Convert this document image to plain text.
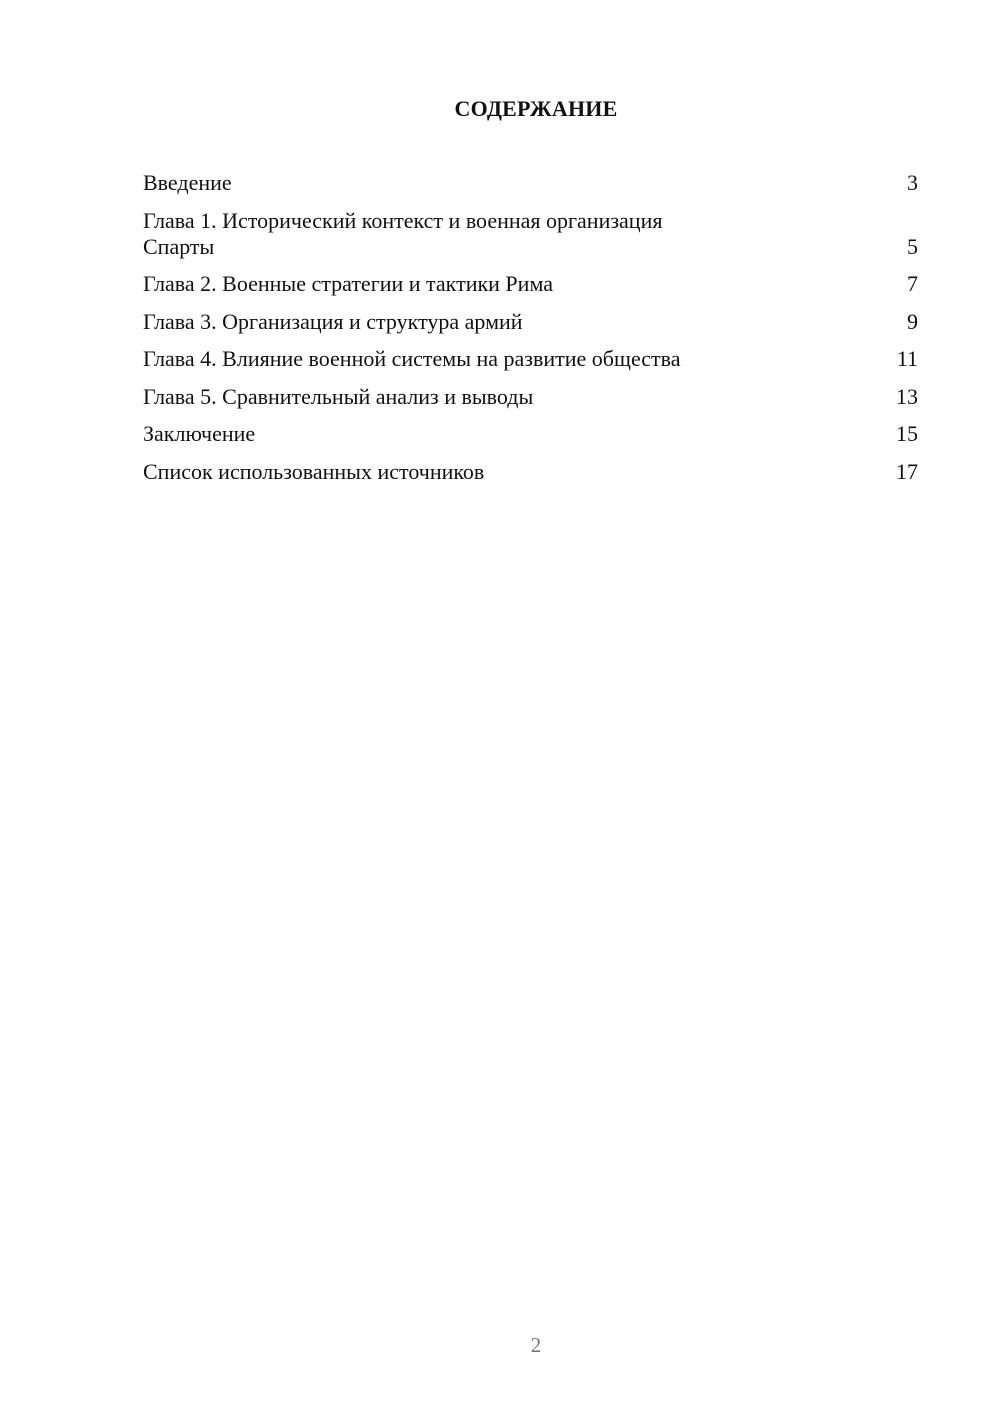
СОДЕРЖАНИЕ
Введение	3
Глава 1. Исторический контекст и военная организация
Спарты	5
Глава 2. Военные стратегии и тактики Рима	7
Глава 3. Организация и структура армий	9
Глава 4. Влияние военной системы на развитие общества	11
Глава 5. Сравнительный анализ и выводы	13
Заключение	15
Список использованных источников	17
2
